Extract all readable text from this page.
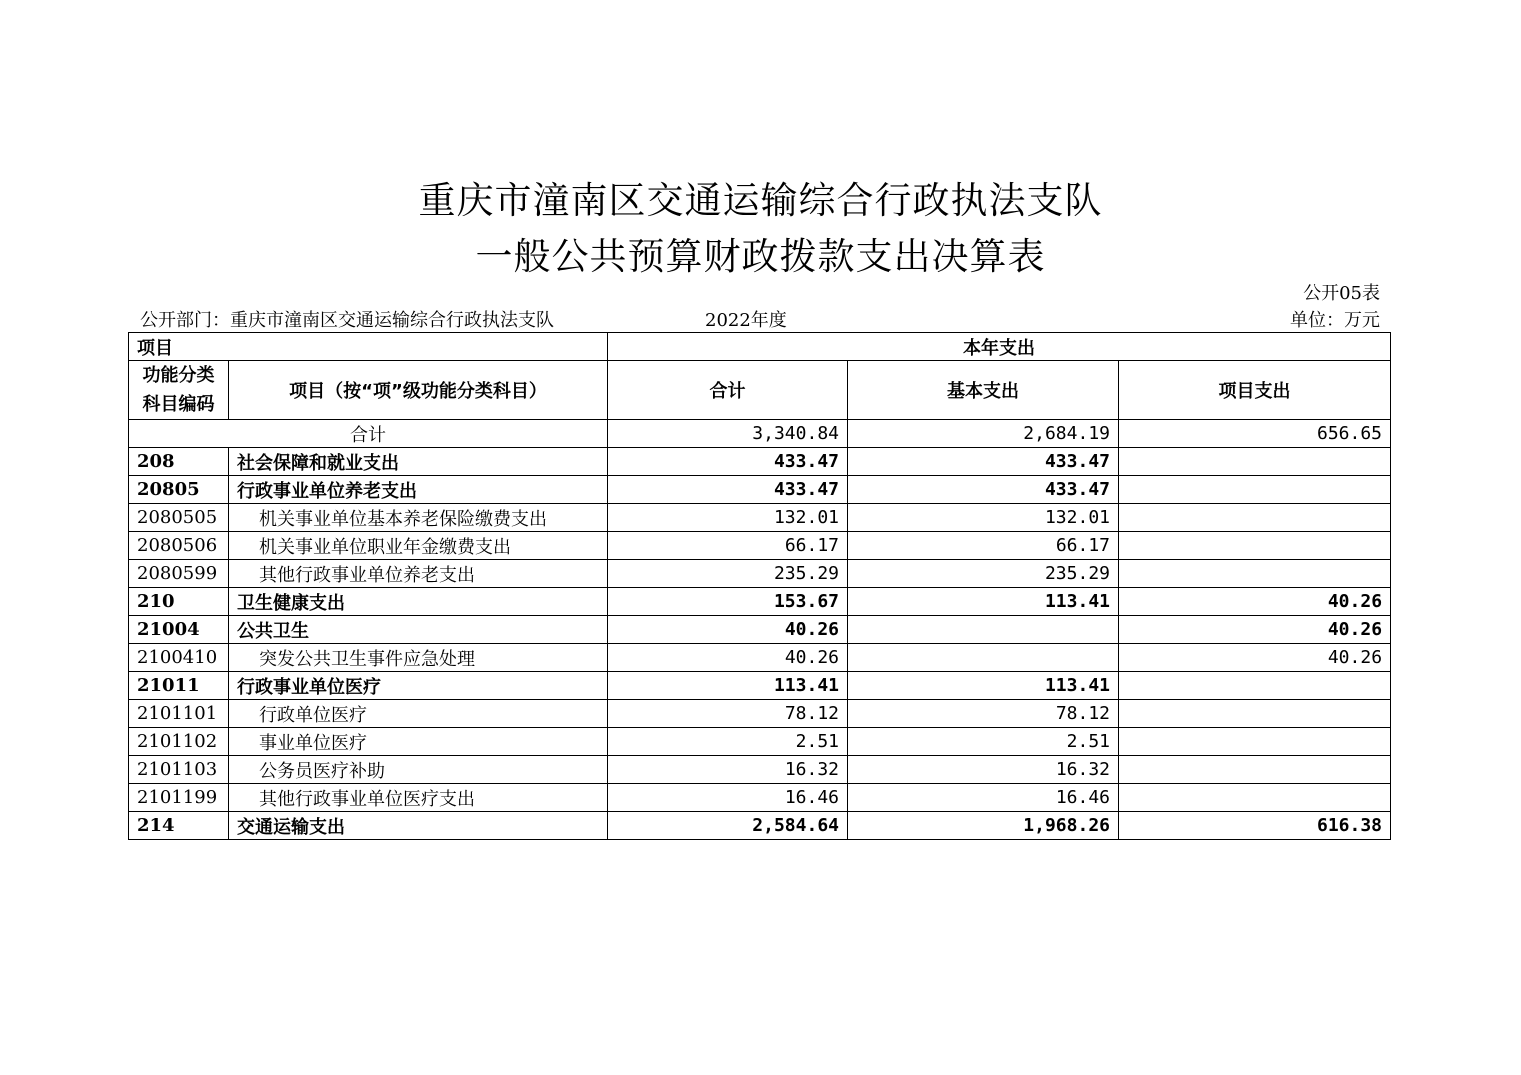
重庆市潼南区交通运输综合行政执法支队
一般公共预算财政拨款支出决算表
公开05表
公开部门：重庆市潼南区交通运输综合行政执法支队	2022年度	单位：万元
项目		本年支出		

功能分类
科目编码	项目（按“项”级功能分类科目）	合计	基本支出	项目支出
合计		3,340.84	2,684.19	656.65
208	社会保障和就业支出	433.47	433.47	
20805	行政事业单位养老支出	433.47	433.47	
2080505	机关事业单位基本养老保险缴费支出	132.01	132.01	
2080506	机关事业单位职业年金缴费支出	66.17	66.17	
2080599	其他行政事业单位养老支出	235.29	235.29	
210	卫生健康支出	153.67	113.41	40.26
21004	公共卫生	40.26		40.26
2100410	突发公共卫生事件应急处理	40.26		40.26
21011	行政事业单位医疗	113.41	113.41	
2101101	行政单位医疗	78.12	78.12	
2101102	事业单位医疗	2.51	2.51	
2101103	公务员医疗补助	16.32	16.32	
2101199	其他行政事业单位医疗支出	16.46	16.46	
214	交通运输支出	2,584.64	1,968.26	616.38
